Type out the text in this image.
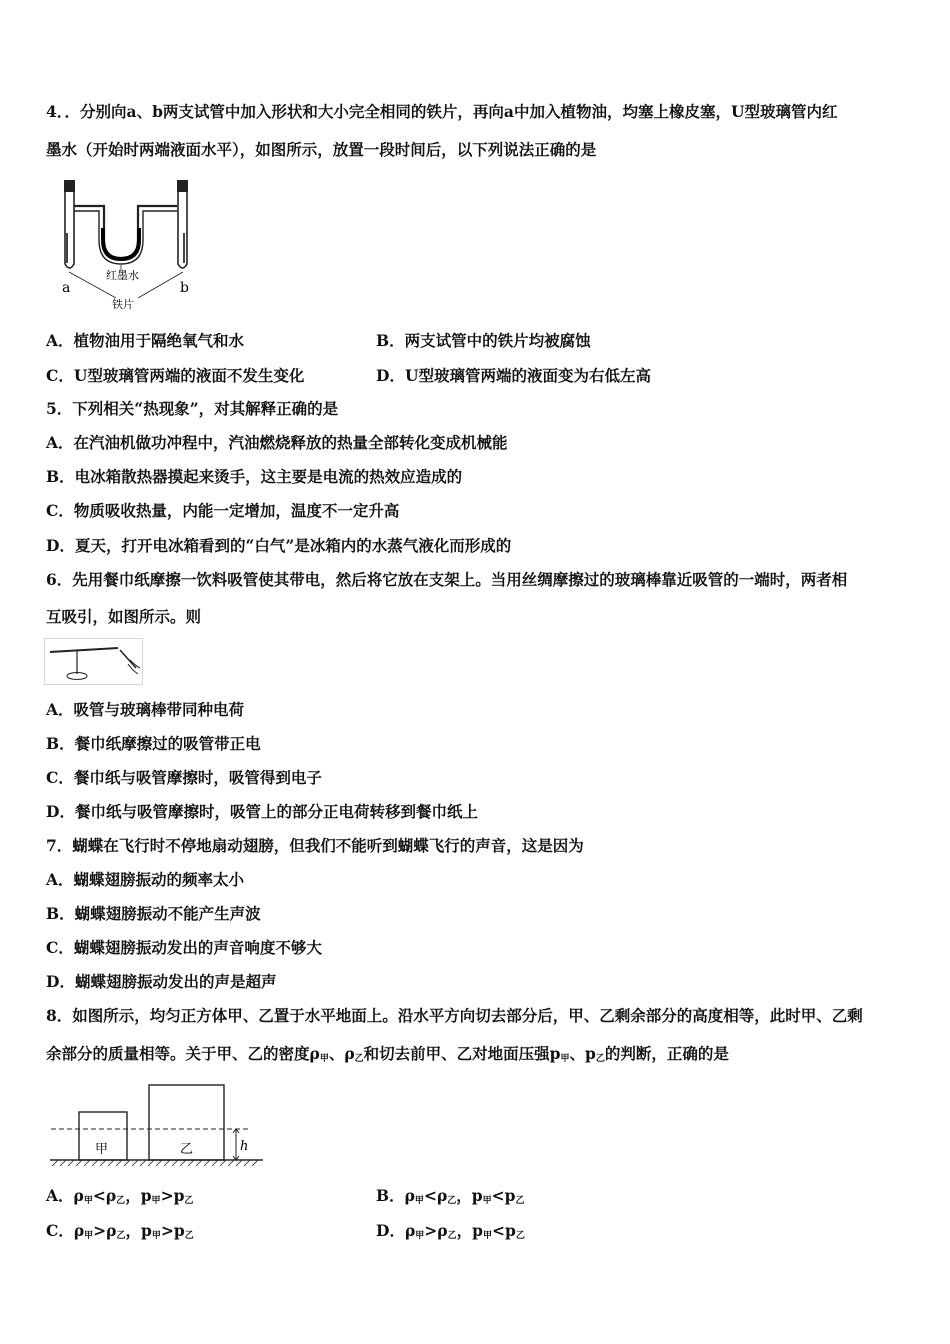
4．．分别向a、b两支试管中加入形状和大小完全相同的铁片，再向a中加入植物油，均塞上橡皮塞，U型玻璃管内红
墨水（开始时两端液面水平），如图所示，放置一段时间后，以下列说法正确的是
红墨水
a	b
铁片
A．植物油用于隔绝氧气和水	B．两支试管中的铁片均被腐蚀
C．U型玻璃管两端的液面不发生变化	D．U型玻璃管两端的液面变为右低左高
5．下列相关“热现象”，对其解释正确的是
A．在汽油机做功冲程中，汽油燃烧释放的热量全部转化变成机械能
B．电冰箱散热器摸起来烫手，这主要是电流的热效应造成的
C．物质吸收热量，内能一定增加，温度不一定升高
D．夏天，打开电冰箱看到的“白气”是冰箱内的水蒸气液化而形成的
6．先用餐巾纸摩擦一饮料吸管使其带电，然后将它放在支架上。当用丝绸摩擦过的玻璃棒靠近吸管的一端时，两者相
互吸引，如图所示。则
A．吸管与玻璃棒带同种电荷
B．餐巾纸摩擦过的吸管带正电
C．餐巾纸与吸管摩擦时，吸管得到电子
D．餐巾纸与吸管摩擦时，吸管上的部分正电荷转移到餐巾纸上
7．蝴蝶在飞行时不停地扇动翅膀，但我们不能听到蝴蝶飞行的声音，这是因为
A．蝴蝶翅膀振动的频率太小
B．蝴蝶翅膀振动不能产生声波
C．蝴蝶翅膀振动发出的声音响度不够大
D．蝴蝶翅膀振动发出的声是超声
8．如图所示，均匀正方体甲、乙置于水平地面上。沿水平方向切去部分后，甲、乙剩余部分的高度相等，此时甲、乙剩
余部分的质量相等。关于甲、乙的密度$\rho_甲$、$\rho_乙$和切去前甲、乙对地面压强$p_甲$、$p_乙$的判断，正确的是
h
甲	乙
A．$\rho_甲<\rho_乙$，$p_甲>p_乙$	B．$\rho_甲<\rho_乙$，$p_甲<p_乙$
C．$\rho_甲>\rho_乙$，$p_甲>p_乙$	D．$\rho_甲>\rho_乙$，$p_甲<p_乙$
